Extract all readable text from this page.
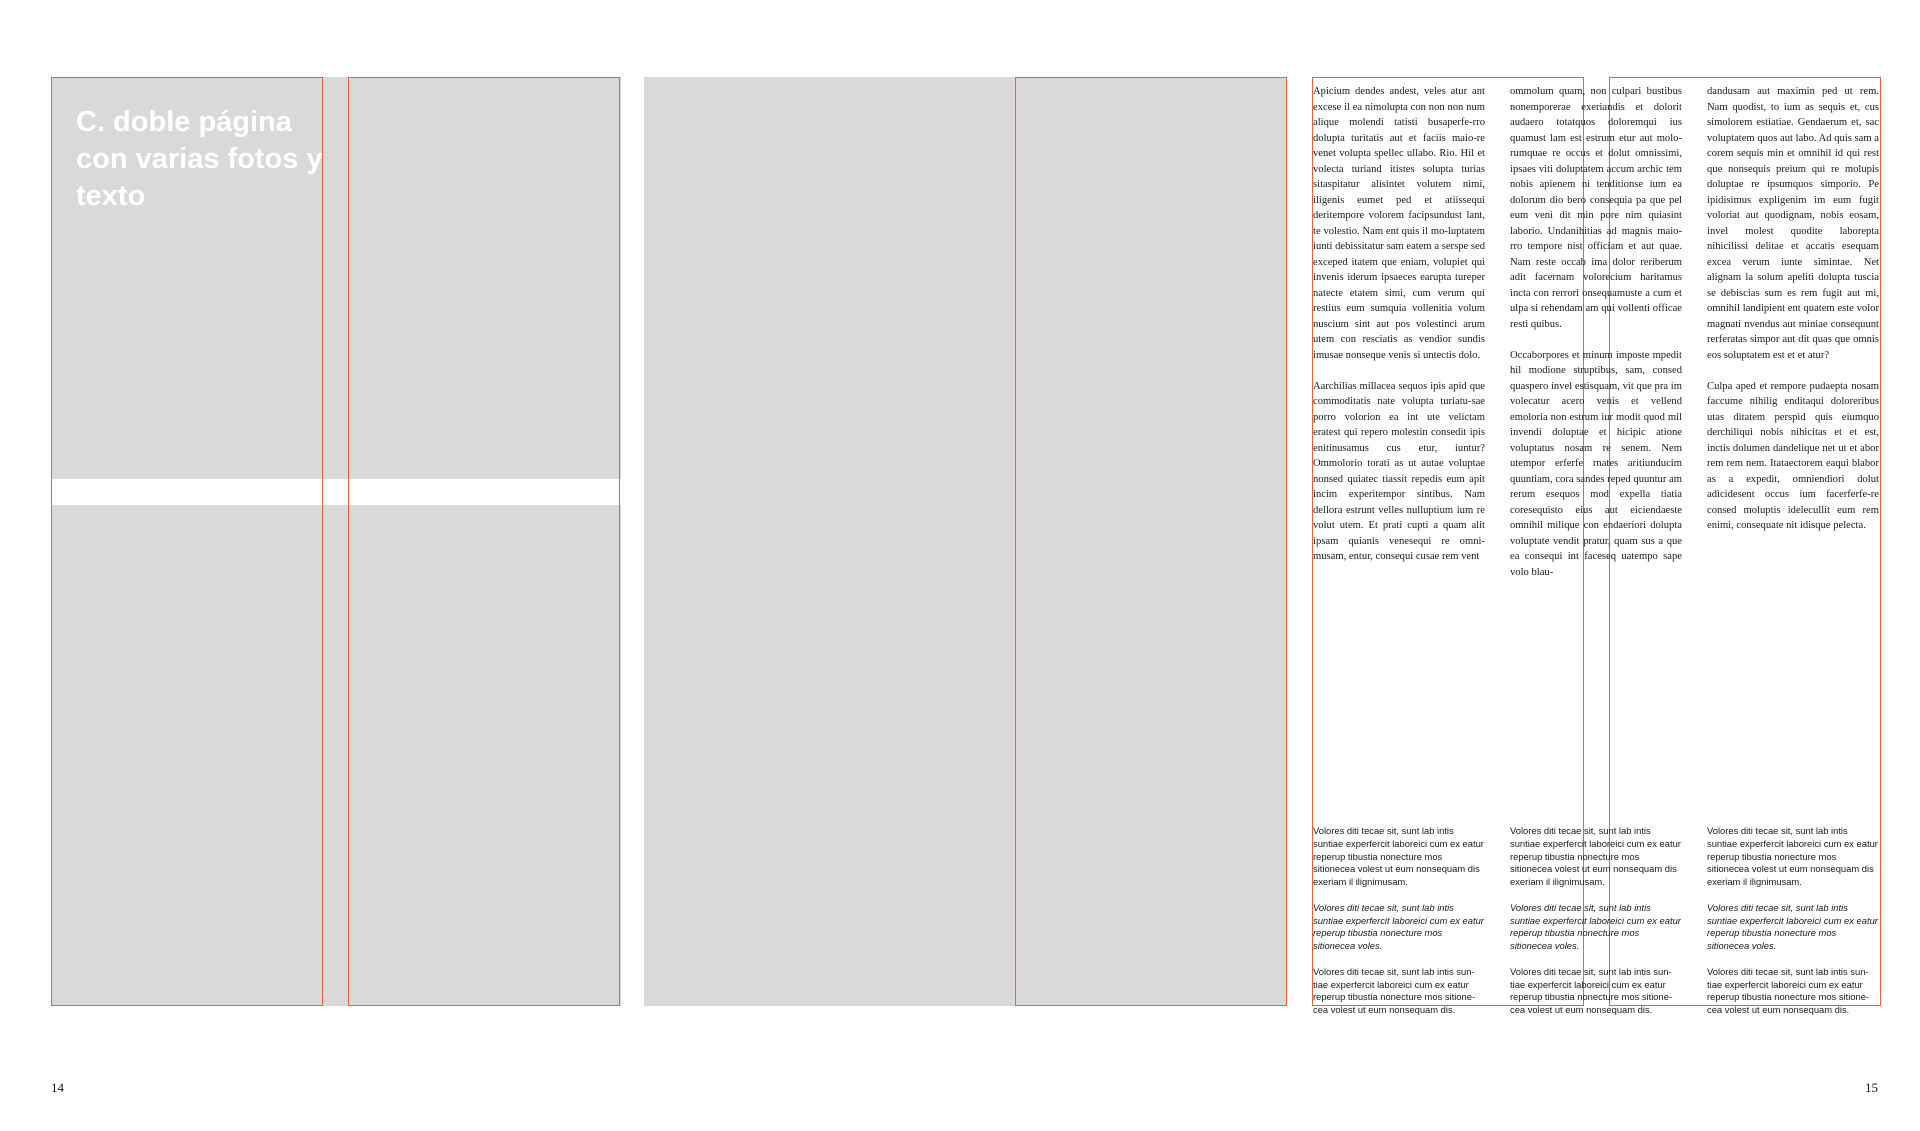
C. doble página con varias fotos y texto

Apicium dendes andest, veles atur ant excese il ea nimolupta con non non num alique molendi tatisti busaperfe-rro dolupta turitatis aut et faciis maio-re venet volupta spellec ullabo. Rio. Hil et volecta turiand itistes solupta turias sitaspitatur alisintet volutem nimi, iligenis eumet ped et atiissequi deritempore volorem facipsundust lant, te volestio. Nam ent quis il mo-luptatem iunti debissitatur sam eatem a serspe sed exceped itatem que eniam, volupiet qui invenis iderum ipsaeces earupta tureper natecte etatem simi, cum verum qui restius eum sumquia vollenitia volum nuscium sint aut pos volestinci arum utem con resciatis as vendior sundis imusae nonseque venis si untectis dolo.

Aarchilias millacea sequos ipis apid que commoditatis nate volupta turiatu-sae porro volorion ea int ute velictam eratest qui repero molestin consedit ipis enitinusamus cus etur, iuntur? Ommolorio torati as ut autae voluptae nonsed quiatec tiassit repedis eum apit incim experitempor sintibus. Nam dellora estrunt velles nulluptium ium re volut utem. Et prati cupti a quam alit ipsam quianis venesequi re omni-musam, entur, consequi cusae rem vent

ommolum quam, non culpari bustibus nonemporerae exeriandis et dolorit audaero totatquos doloremqui ius quamust lam est estrum etur aut molo-rumquae re occus et dolut omnissimi, ipsaes viti doluptatem accum archic tem nobis apienem ni tenditionse ium ea dolorum dio bero consequia pa que pel eum veni dit min pore nim quiasint laborio. Undanihitias ad magnis maio-rro tempore nist officiam et aut quae. Nam reste occab ima dolor reriberum adit facernam volorecium haritamus incta con rerrori onsequamuste a cum et ulpa si rehendam am qui vollenti officae resti quibus.

Occaborpores et minum imposte mpedit hil modione struptibus, sam, consed quaspero invel estisquam, vit que pra im volecatur acero venis et vellend emoloria non estrum iur modit quod mil invendi doluptae et hicipic atione voluptatus nosam re senem. Nem utempor erferfe rnates aritiunducim quuntiam, cora sandes reped quuntur am rerum esequos mod expella tiatia coresequisto eius aut eiciendaeste omnihil milique con endaeriori dolupta voluptate vendit pratur, quam sus a que ea consequi int faceseq uatempo sape volo blau-

dandusam aut maximin ped ut rem. Nam quodist, to ium as sequis et, cus simolorem estiatiae. Gendaerum et, sac voluptatem quos aut labo. Ad quis sam a corem sequis min et omnihil id qui rest que nonsequis preium qui re molupis doluptae re ipsumquos simporio. Pe ipidisimus expligenim im eum fugit voloriat aut quodignam, nobis eosam, invel molest quodite laborepta nihicilissi delitae et accatis esequam excea verum iunte simintae. Net alignam la solum apeliti dolupta tuscia se debiscias sum es rem fugit aut mi, omnihil landipient ent quatem este volor magnati nvendus aut miniae consequunt rerferatas simpor aut dit quas que omnis eos soluptatem est et et atur?

Culpa aped et rempore pudaepta nosam faccume nihilig enditaqui doloreribus utas ditatem perspid quis eiumquo derchiliqui nobis nihicitas et et est, inctis dolumen dandelique net ut et abor rem rem nem. Itataectorem eaqui blabor as a expedit, omniendiori dolut adicidesent occus ium facerferfe-re consed moluptis idelecullit eum rem enimi, consequate nit idisque pelecta.

Volores diti tecae sit, sunt lab intis suntiae experfercit laboreici cum ex eatur reperup tibustia nonecture mos sitionecea volest ut eum nonsequam dis exeriam il ilignimusam.

Volores diti tecae sit, sunt lab intis suntiae experfercit laboreici cum ex eatur reperup tibustia nonecture mos sitionecea voles.

Volores diti tecae sit, sunt lab intis sun-tiae experfercit laboreici cum ex eatur reperup tibustia nonecture mos sitione-cea volest ut eum nonsequam dis.

Volores diti tecae sit, sunt lab intis suntiae experfercit laboreici cum ex eatur reperup tibustia nonecture mos sitionecea volest ut eum nonsequam dis exeriam il ilignimusam.

Volores diti tecae sit, sunt lab intis suntiae experfercit laboreici cum ex eatur reperup tibustia nonecture mos sitionecea voles.

Volores diti tecae sit, sunt lab intis sun-tiae experfercit laboreici cum ex eatur reperup tibustia nonecture mos sitione-cea volest ut eum nonsequam dis.

Volores diti tecae sit, sunt lab intis suntiae experfercit laboreici cum ex eatur reperup tibustia nonecture mos sitionecea volest ut eum nonsequam dis exeriam il ilignimusam.

Volores diti tecae sit, sunt lab intis suntiae experfercit laboreici cum ex eatur reperup tibustia nonecture mos sitionecea voles.

Volores diti tecae sit, sunt lab intis sun-tiae experfercit laboreici cum ex eatur reperup tibustia nonecture mos sitione-cea volest ut eum nonsequam dis.

14	15
